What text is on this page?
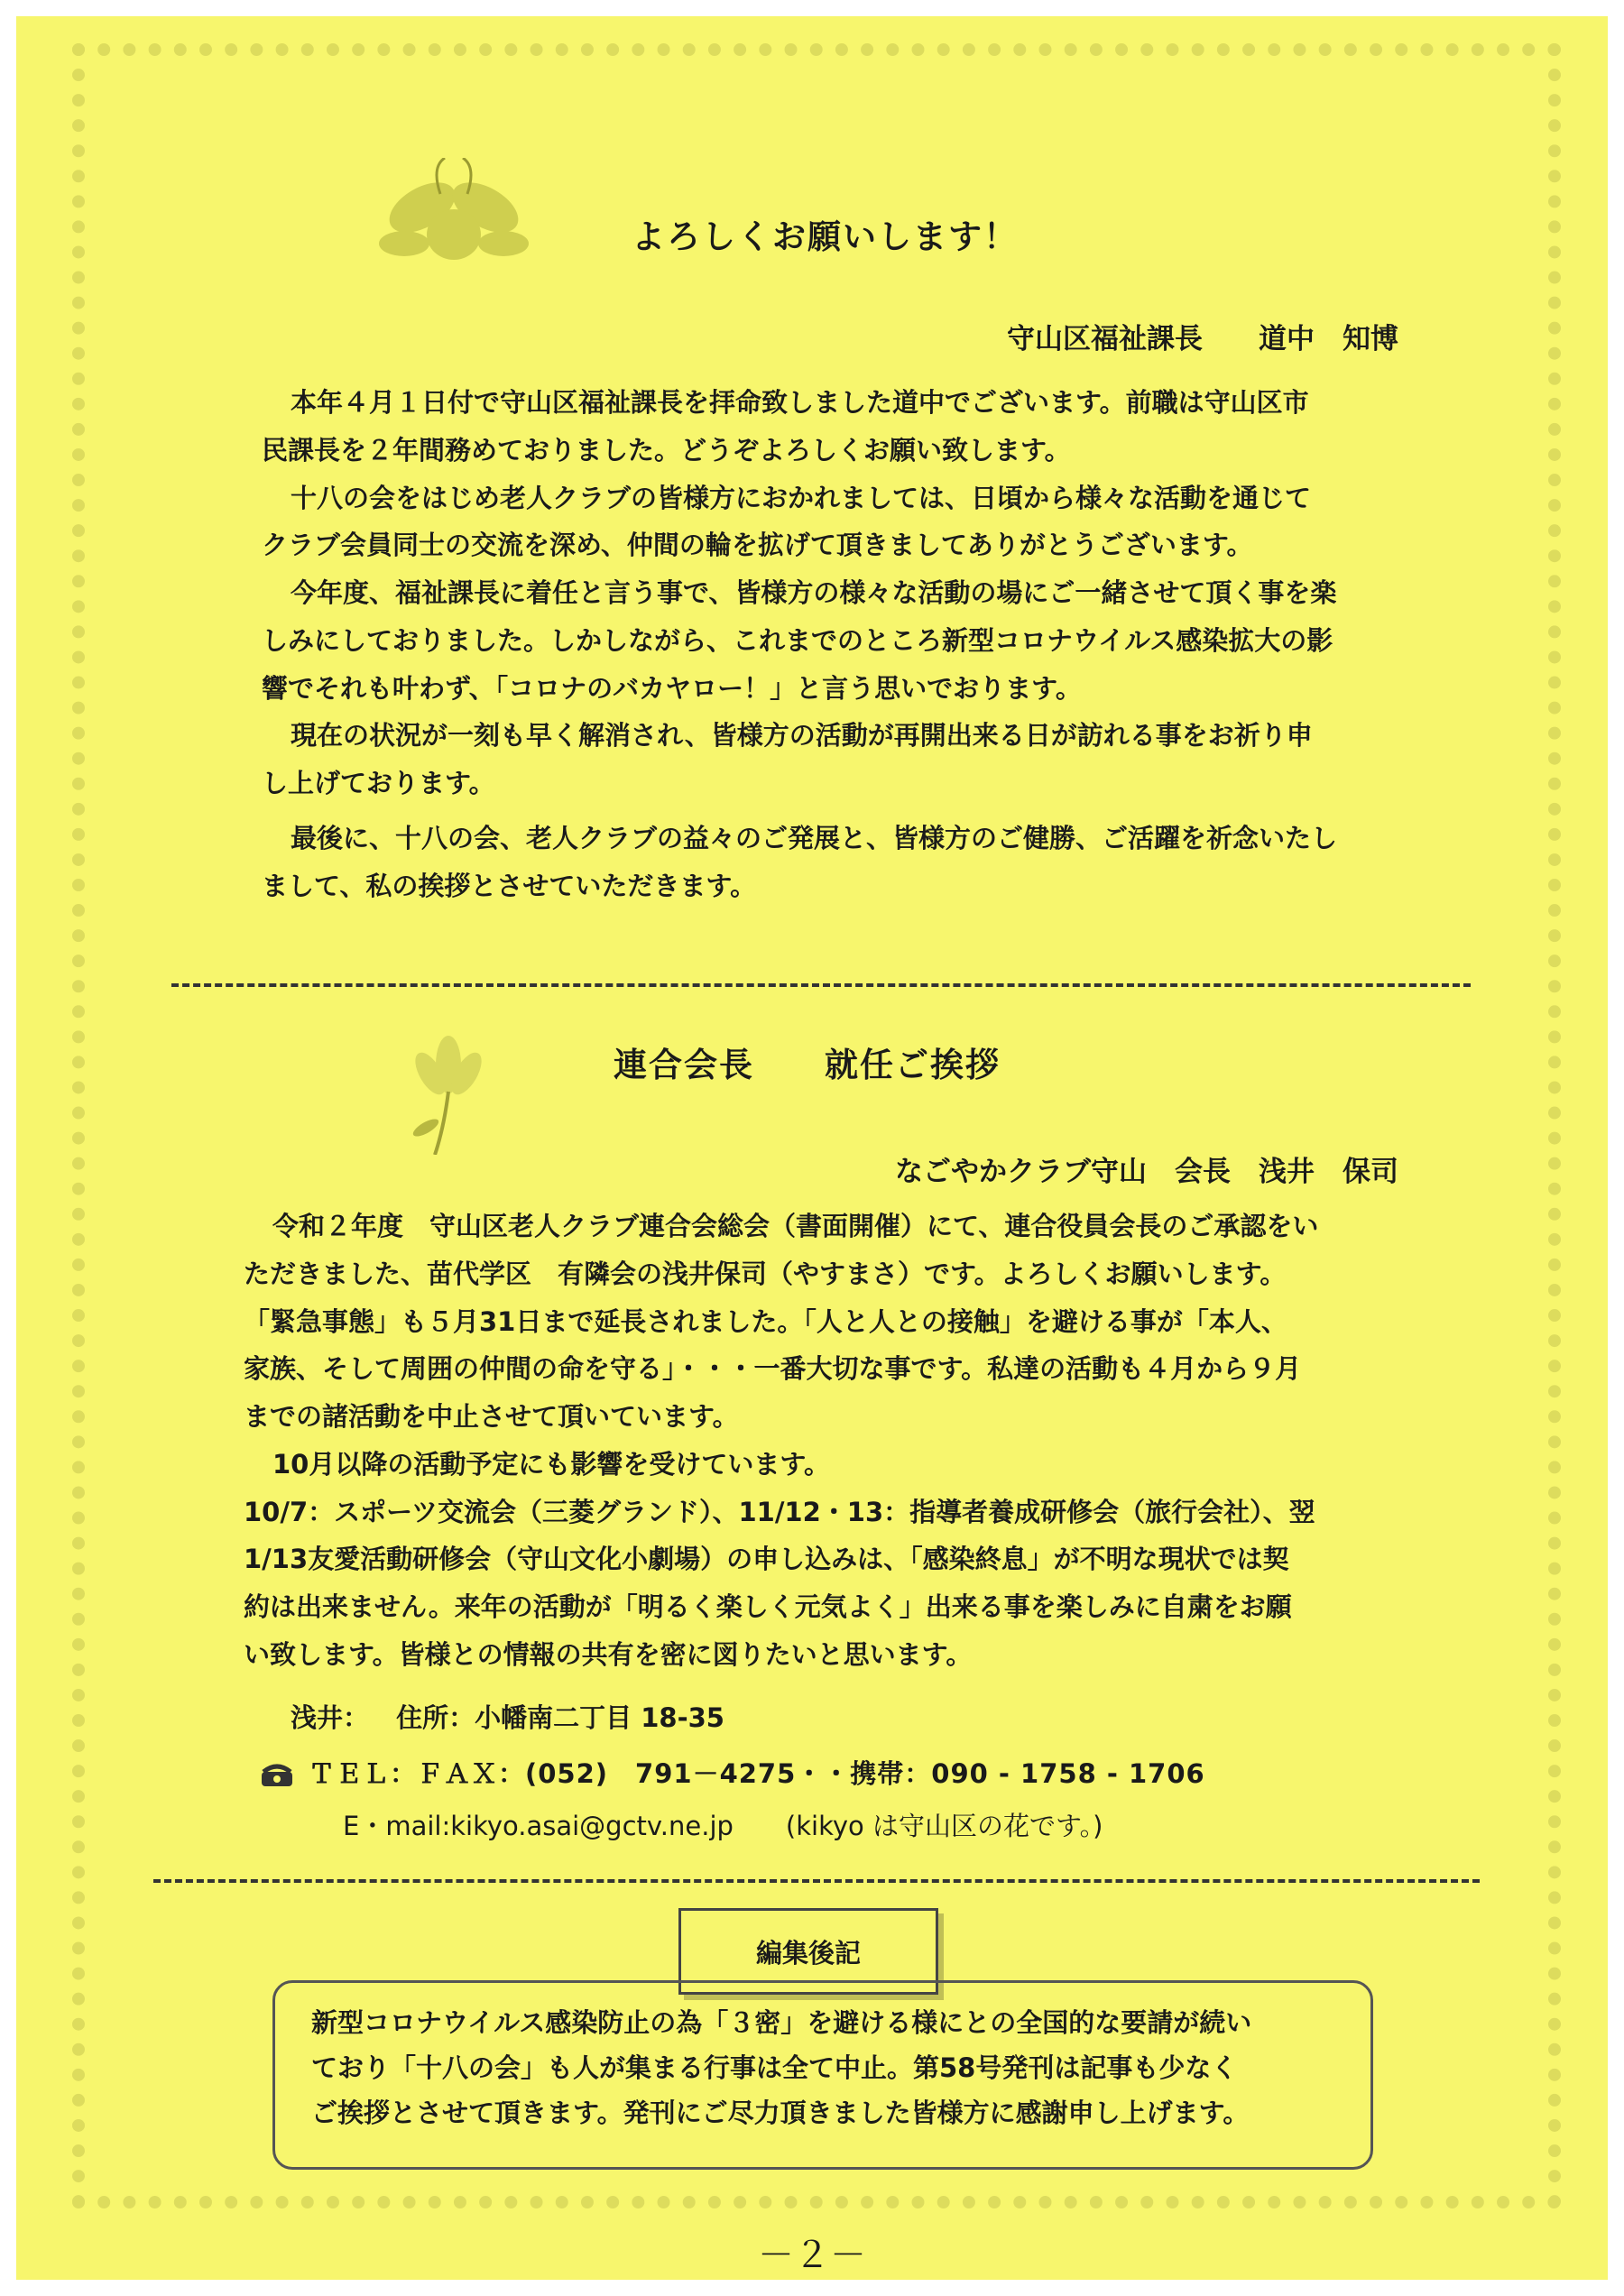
よろしくお願いします！
守山区福祉課長　　道中　知博

本年４月１日付で守山区福祉課長を拝命致しました道中でございます。前職は守山区市
民課長を２年間務めておりました。どうぞよろしくお願い致します。

十八の会をはじめ老人クラブの皆様方におかれましては、日頃から様々な活動を通じて
クラブ会員同士の交流を深め、仲間の輪を拡げて頂きましてありがとうございます。

今年度、福祉課長に着任と言う事で、皆様方の様々な活動の場にご一緒させて頂く事を楽
しみにしておりました。しかしながら、これまでのところ新型コロナウイルス感染拡大の影
響でそれも叶わず、「コロナのバカヤロー！」と言う思いでおります。

現在の状況が一刻も早く解消され、皆様方の活動が再開出来る日が訪れる事をお祈り申
し上げております。

最後に、十八の会、老人クラブの益々のご発展と、皆様方のご健勝、ご活躍を祈念いたし
まして、私の挨拶とさせていただきます。

連合会長　　就任ご挨拶
なごやかクラブ守山　会長　浅井　保司

令和２年度　守山区老人クラブ連合会総会（書面開催）にて、連合役員会長のご承認をい
ただきました、苗代学区　有隣会の浅井保司（やすまさ）です。よろしくお願いします。

「緊急事態」も５月31日まで延長されました。「人と人との接触」を避ける事が「本人、
家族、そして周囲の仲間の命を守る」・・・一番大切な事です。私達の活動も４月から９月
までの諸活動を中止させて頂いています。

10月以降の活動予定にも影響を受けています。

10/7：スポーツ交流会（三菱グランド）、11/12・13：指導者養成研修会（旅行会社）、翌
1/13友愛活動研修会（守山文化小劇場）の申し込みは、「感染終息」が不明な現状では契
約は出来ません。来年の活動が「明るく楽しく元気よく」出来る事を楽しみに自粛をお願
い致します。皆様との情報の共有を密に図りたいと思います。

浅井： 住所：小幡南二丁目 18-35
ＴＥＬ：ＦＡＸ：(052)　791－4275・・携帯：090 - 1758 - 1706
E・mail:kikyo.asai@gctv.ne.jp　　(kikyo は守山区の花です。)
編集後記
新型コロナウイルス感染防止の為「３密」を避ける様にとの全国的な要請が続い
ており「十八の会」も人が集まる行事は全て中止。第58号発刊は記事も少なく
ご挨拶とさせて頂きます。発刊にご尽力頂きました皆様方に感謝申し上げます。
－２－
